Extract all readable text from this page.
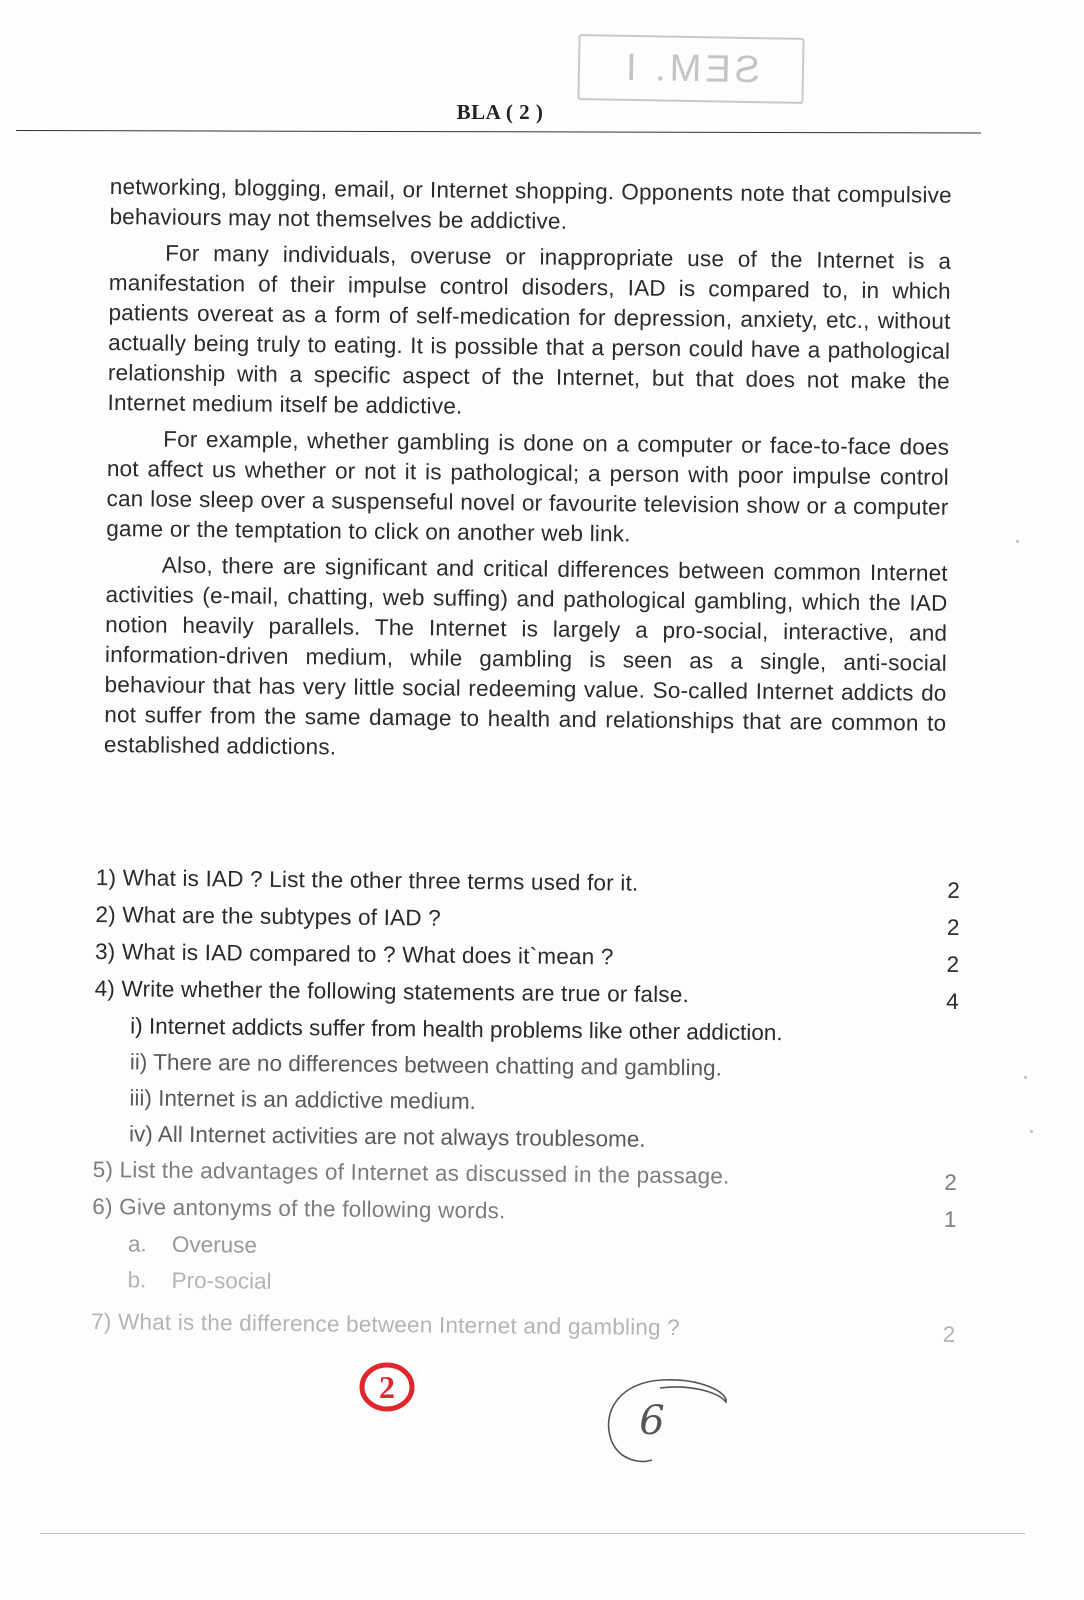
SEM. I
BLA ( 2 )

networking, blogging, email, or Internet shopping. Opponents note that compulsive behaviours may not themselves be addictive.

For many individuals, overuse or inappropriate use of the Internet is a manifestation of their impulse control disoders, IAD is compared to, in which patients overeat as a form of self-medication for depression, anxiety, etc., without actually being truly to eating. It is possible that a person could have a pathological relationship with a specific aspect of the Internet, but that does not make the Internet medium itself be addictive.

For example, whether gambling is done on a computer or face-to-face does not affect us whether or not it is pathological; a person with poor impulse control can lose sleep over a suspenseful novel or favourite television show or a computer game or the temptation to click on another web link.

Also, there are significant and critical differences between common Internet activities (e-mail, chatting, web suffing) and pathological gambling, which the IAD notion heavily parallels. The Internet is largely a pro-social, interactive, and information-driven medium, while gambling is seen as a single, anti-social behaviour that has very little social redeeming value. So-called Internet addicts do not suffer from the same damage to health and relationships that are common to established addictions.

1) What is IAD ? List the other three terms used for it.	2
2) What are the subtypes of IAD ?	2
3) What is IAD compared to ? What does it`mean ?	2
4) Write whether the following statements are true or false.	4
i) Internet addicts suffer from health problems like other addiction.
ii) There are no differences between chatting and gambling.
iii) Internet is an addictive medium.
iv) All Internet activities are not always troublesome.
5) List the advantages of Internet as discussed in the passage.	2
6) Give antonyms of the following words.	1
a. Overuse
b. Pro-social
7) What is the difference between Internet and gambling ?	2
2
6
